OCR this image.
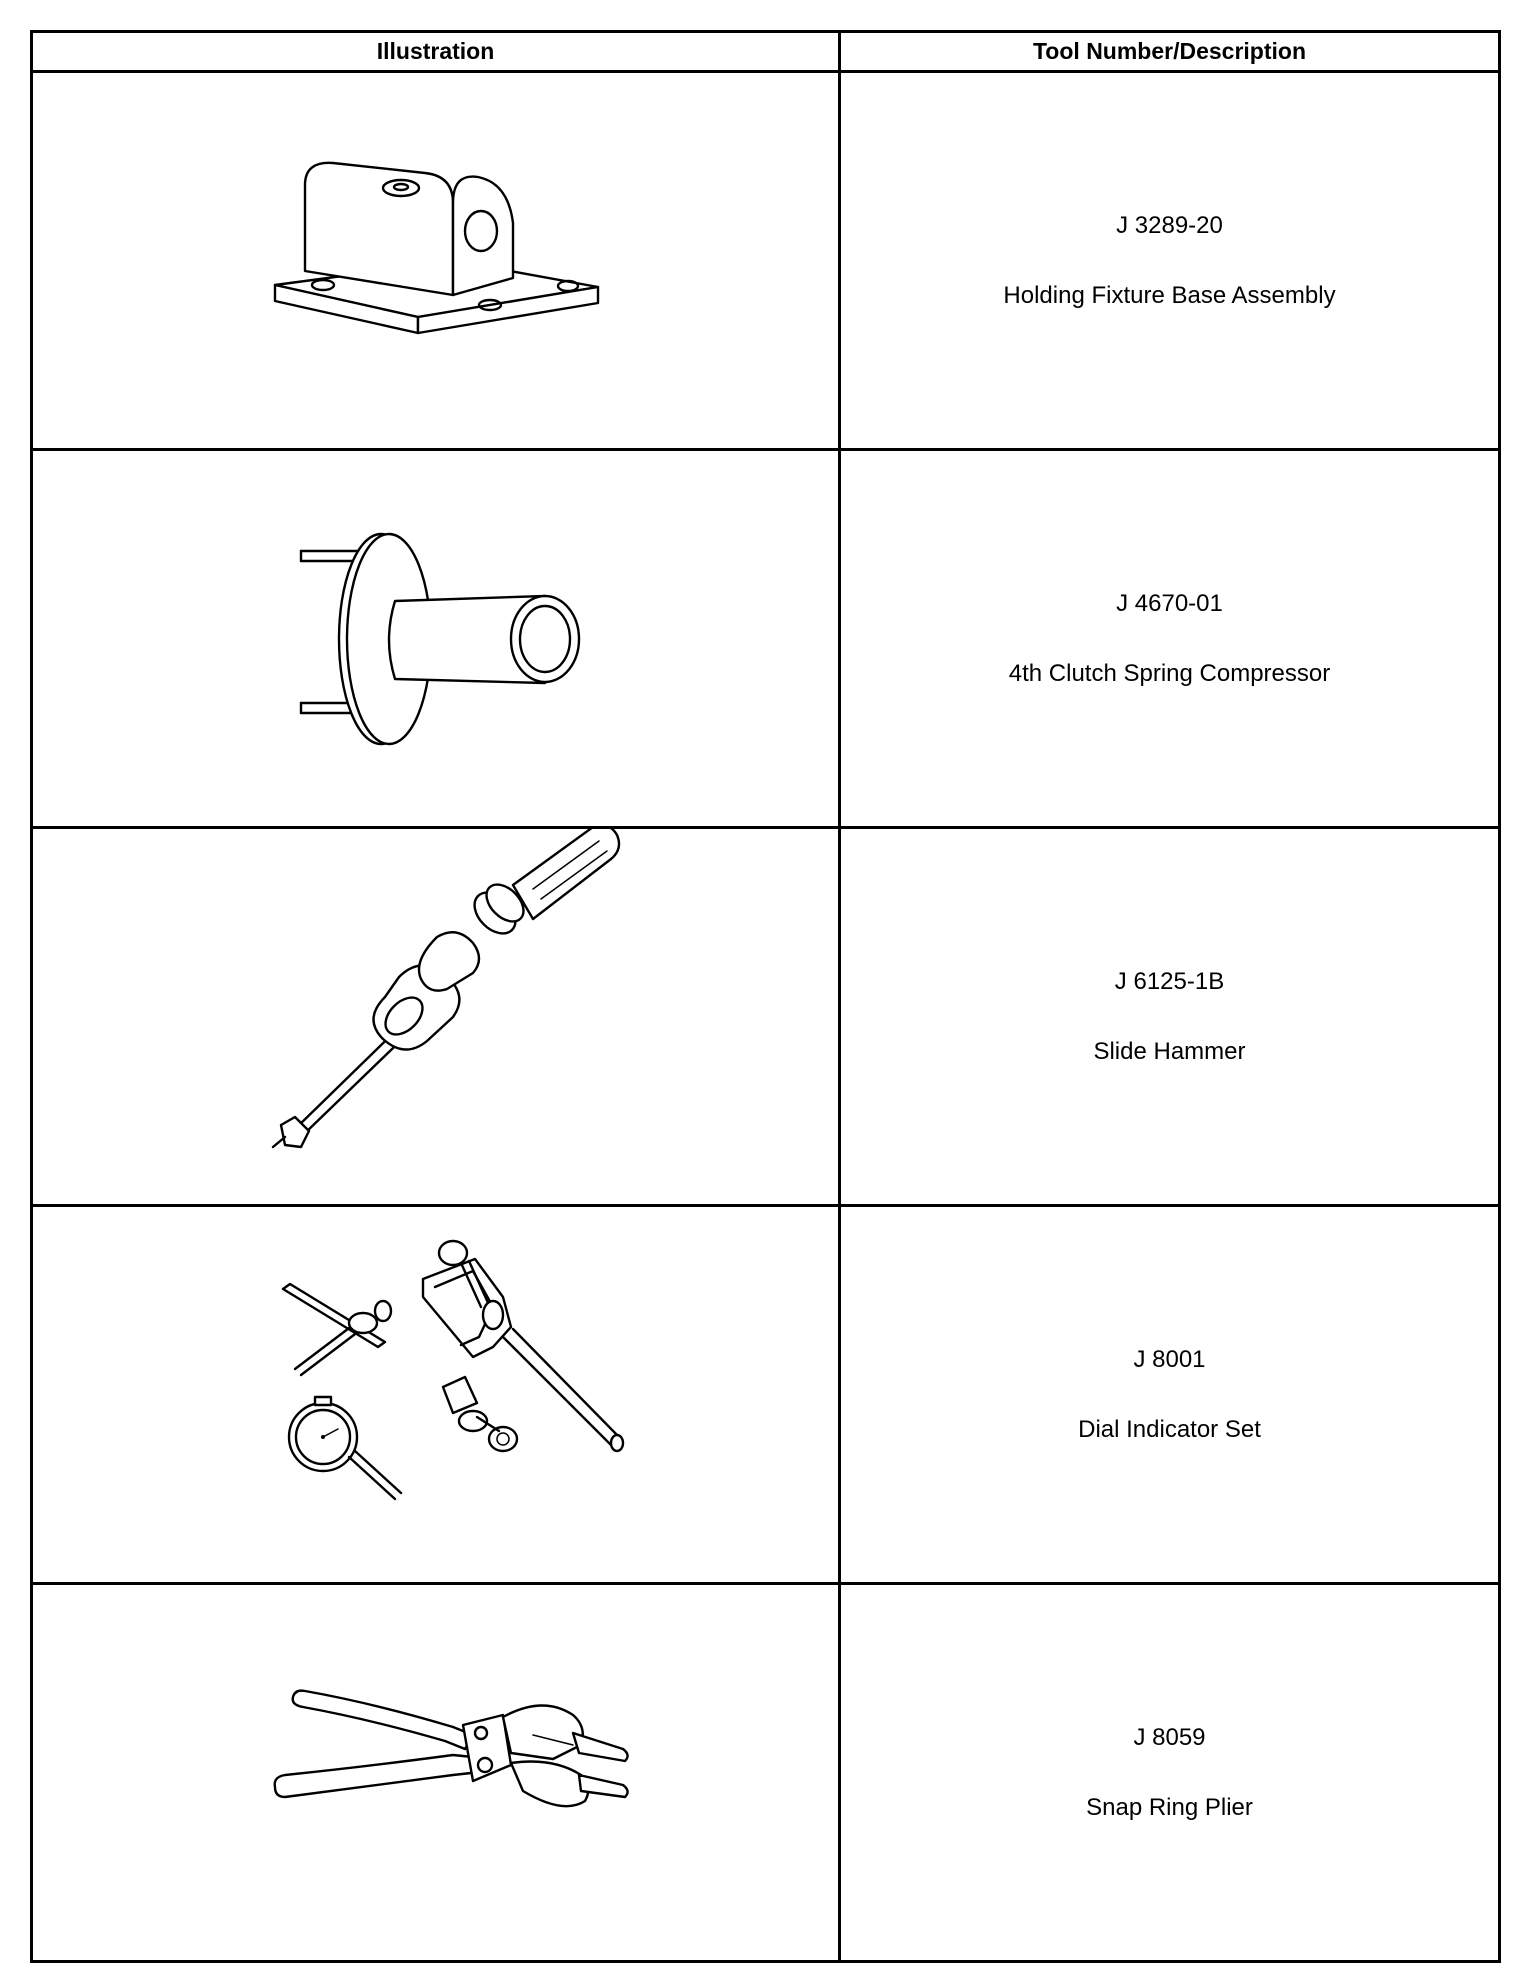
Illustration	Tool Number/Description

J 3289-20
Holding Fixture Base Assembly

J 4670-01
4th Clutch Spring Compressor

J 6125-1B
Slide Hammer

J 8001
Dial Indicator Set

J 8059
Snap Ring Plier
